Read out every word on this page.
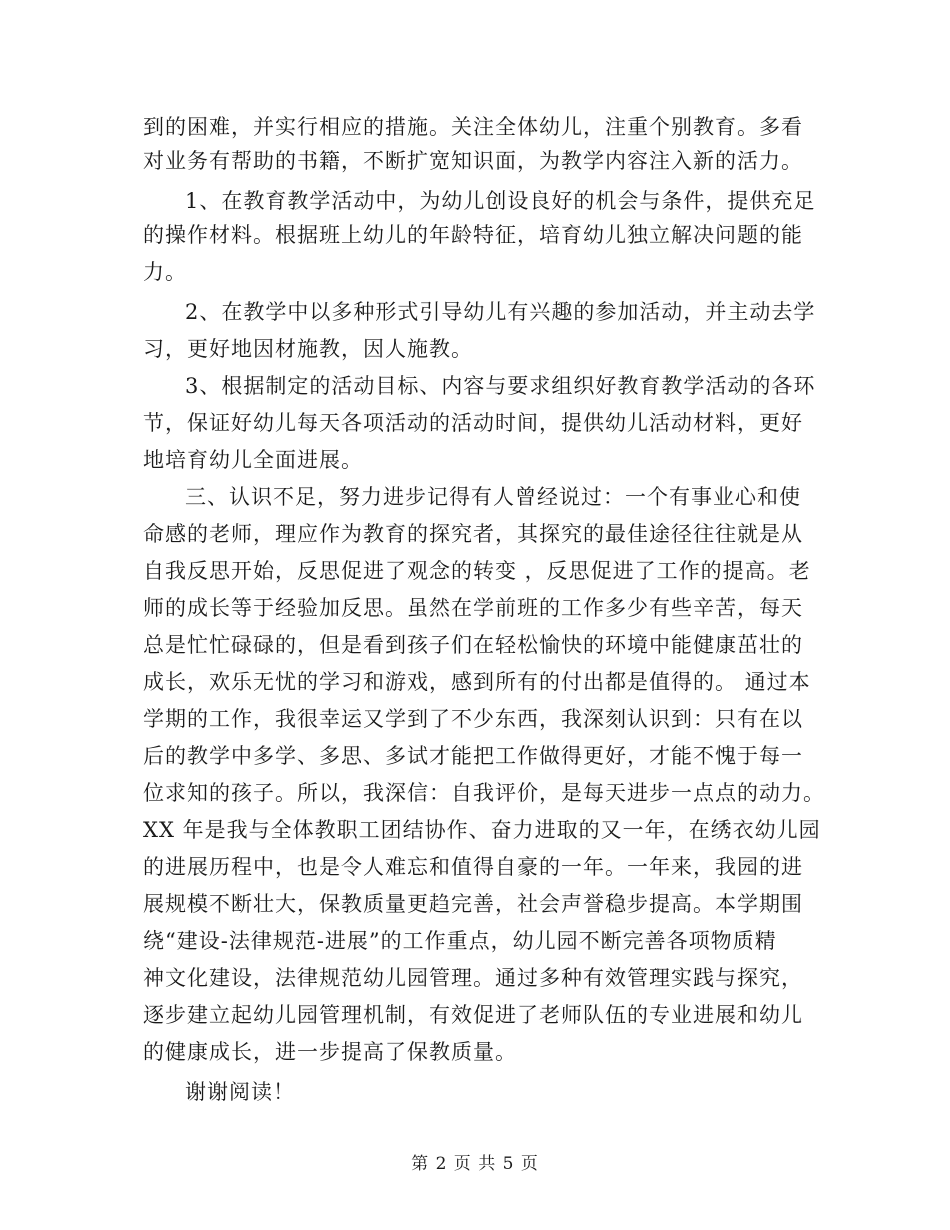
到的困难，并实行相应的措施。关注全体幼儿，注重个别教育。多看
对业务有帮助的书籍，不断扩宽知识面，为教学内容注入新的活力。
1、在教育教学活动中，为幼儿创设良好的机会与条件，提供充足
的操作材料。根据班上幼儿的年龄特征，培育幼儿独立解决问题的能
力。
2、在教学中以多种形式引导幼儿有兴趣的参加活动，并主动去学
习，更好地因材施教，因人施教。
3、根据制定的活动目标、内容与要求组织好教育教学活动的各环
节，保证好幼儿每天各项活动的活动时间，提供幼儿活动材料，更好
地培育幼儿全面进展。
三、认识不足，努力进步记得有人曾经说过：一个有事业心和使
命感的老师，理应作为教育的探究者，其探究的最佳途径往往就是从
自我反思开始，反思促进了观念的转变 ，反思促进了工作的提高。老
师的成长等于经验加反思。虽然在学前班的工作多少有些辛苦，每天
总是忙忙碌碌的，但是看到孩子们在轻松愉快的环境中能健康茁壮的
成长，欢乐无忧的学习和游戏，感到所有的付出都是值得的。 通过本
学期的工作，我很幸运又学到了不少东西，我深刻认识到：只有在以
后的教学中多学、多思、多试才能把工作做得更好，才能不愧于每一
位求知的孩子。所以，我深信：自我评价，是每天进步一点点的动力。
XX 年是我与全体教职工团结协作、奋力进取的又一年，在绣衣幼儿园
的进展历程中，也是令人难忘和值得自豪的一年。一年来，我园的进
展规模不断壮大，保教质量更趋完善，社会声誉稳步提高。本学期围
绕“建设-法律规范-进展”的工作重点，幼儿园不断完善各项物质精
神文化建设，法律规范幼儿园管理。通过多种有效管理实践与探究，
逐步建立起幼儿园管理机制，有效促进了老师队伍的专业进展和幼儿
的健康成长，进一步提高了保教质量。
谢谢阅读！
第 2 页 共 5 页
